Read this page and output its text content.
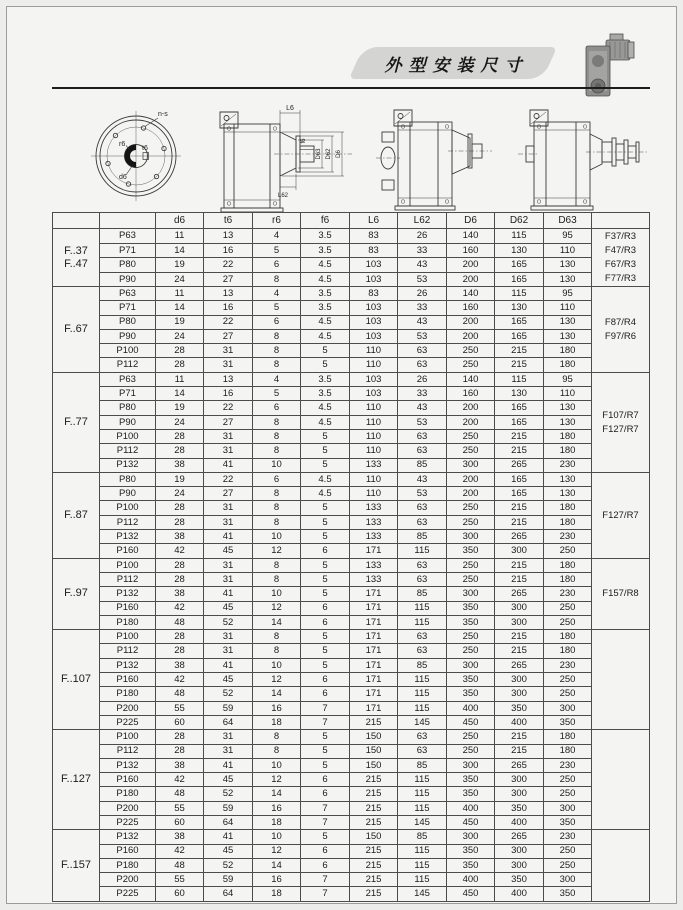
外型安装尺寸
n-s
r6
t6
d6
L6
f6
D63 D62 D6
L62
		d6	t6	r6	f6	L6	L62	D6	D62	D63	

F..37
F..47
	P63	11	13	4	3.5	83	26	140	115	95	F37/R3
F47/R3
F67/R3
F77/R3

	P71	14	16	5	3.5	83	33	160	130	110	
	P80	19	22	6	4.5	103	43	200	165	130	
	P90	24	27	8	4.5	103	53	200	165	130	

F..67	P63	11	13	4	3.5	83	26	140	115	95	F87/R4
F97/R6

	P71	14	16	5	3.5	103	33	160	130	110	
	P80	19	22	6	4.5	103	43	200	165	130	
	P90	24	27	8	4.5	103	53	200	165	130	
	P100	28	31	8	5	110	63	250	215	180	
	P112	28	31	8	5	110	63	250	215	180	

F..77	P63	11	13	4	3.5	103	26	140	115	95	F107/R7
F127/R7

	P71	14	16	5	3.5	103	33	160	130	110	
	P80	19	22	6	4.5	110	43	200	165	130	
	P90	24	27	8	4.5	110	53	200	165	130	
	P100	28	31	8	5	110	63	250	215	180	
	P112	28	31	8	5	110	63	250	215	180	
	P132	38	41	10	5	133	85	300	265	230	

F..87	P80	19	22	6	4.5	110	43	200	165	130	F127/R7

	P90	24	27	8	4.5	110	53	200	165	130	
	P100	28	31	8	5	133	63	250	215	180	
	P112	28	31	8	5	133	63	250	215	180	
	P132	38	41	10	5	133	85	300	265	230	
	P160	42	45	12	6	171	115	350	300	250	

F..97	P100	28	31	8	5	133	63	250	215	180	F157/R8

	P112	28	31	8	5	133	63	250	215	180	
	P132	38	41	10	5	171	85	300	265	230	
	P160	42	45	12	6	171	115	350	300	250	
	P180	48	52	14	6	171	115	350	300	250	

F..107	P100	28	31	8	5	171	63	250	215	180	
	P112	28	31	8	5	171	63	250	215	180	
	P132	38	41	10	5	171	85	300	265	230	
	P160	42	45	12	6	171	115	350	300	250	
	P180	48	52	14	6	171	115	350	300	250	
	P200	55	59	16	7	171	115	400	350	300	
	P225	60	64	18	7	215	145	450	400	350	

F..127	P100	28	31	8	5	150	63	250	215	180	
	P112	28	31	8	5	150	63	250	215	180	
	P132	38	41	10	5	150	85	300	265	230	
	P160	42	45	12	6	215	115	350	300	250	
	P180	48	52	14	6	215	115	350	300	250	
	P200	55	59	16	7	215	115	400	350	300	
	P225	60	64	18	7	215	145	450	400	350	

F..157	P132	38	41	10	5	150	85	300	265	230	
	P160	42	45	12	6	215	115	350	300	250	
	P180	48	52	14	6	215	115	350	300	250	
	P200	55	59	16	7	215	115	400	350	300	
	P225	60	64	18	7	215	145	450	400	350	
